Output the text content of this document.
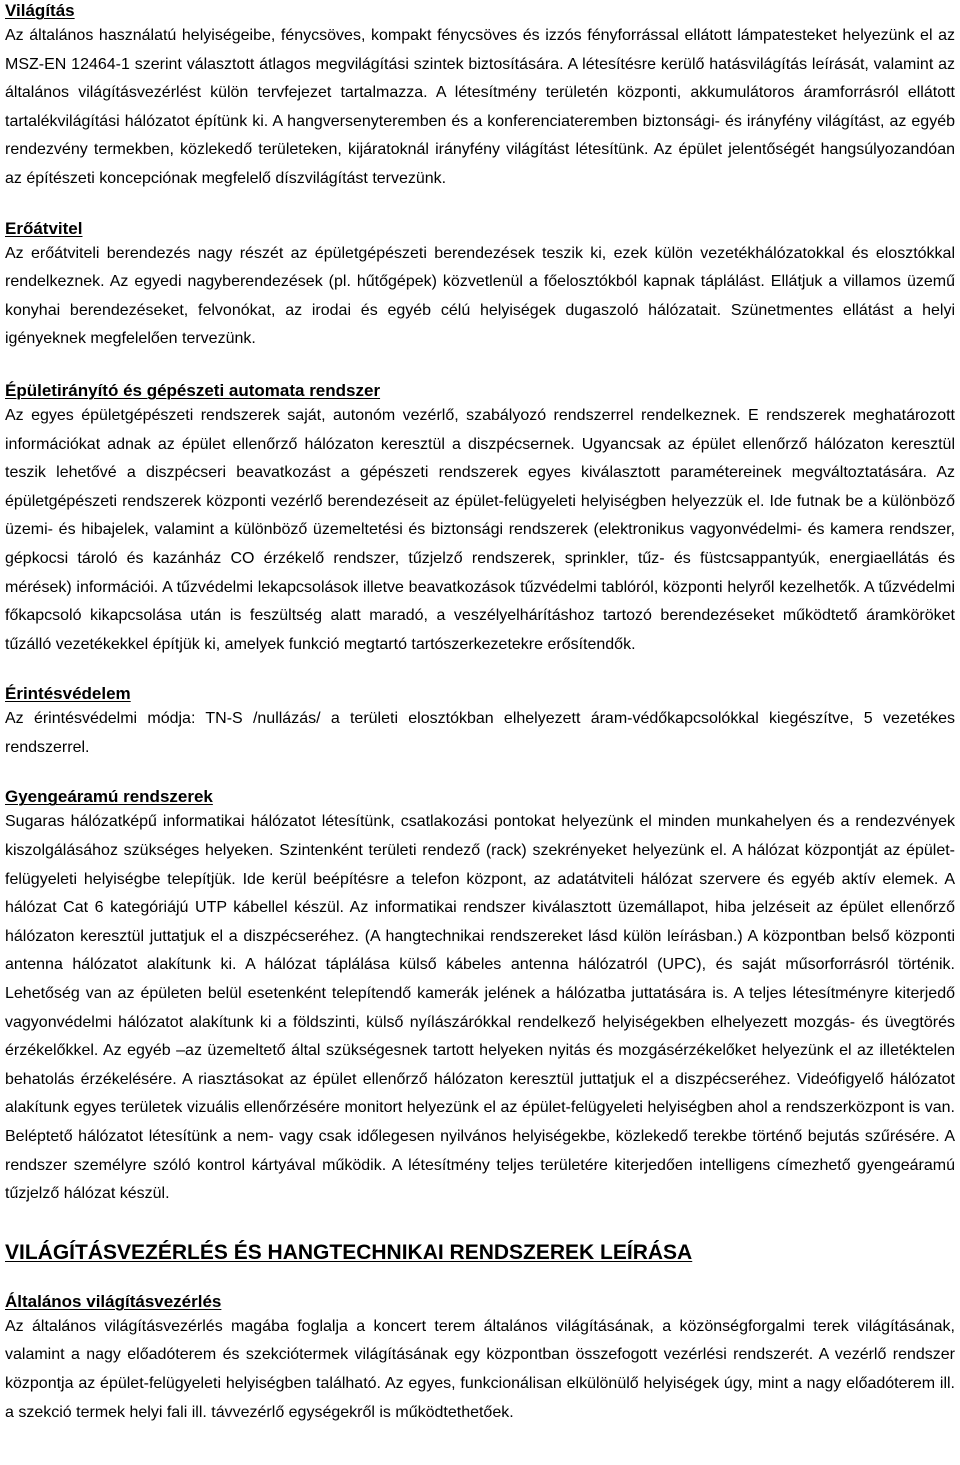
Világítás

Az általános használatú helyiségeibe, fénycsöves, kompakt fénycsöves és izzós fényforrással ellátott lámpatesteket helyezünk el az MSZ-EN 12464-1 szerint választott átlagos megvilágítási szintek biztosítására. A létesítésre kerülő hatásvilágítás leírását, valamint az általános világításvezérlést külön tervfejezet tartalmazza. A létesítmény területén központi, akkumulátoros áramforrásról ellátott tartalékvilágítási hálózatot építünk ki. A hangversenyteremben és a konferenciateremben biztonsági- és irányfény világítást, az egyéb rendezvény termekben, közlekedő területeken, kijáratoknál irányfény világítást létesítünk. Az épület jelentőségét hangsúlyozandóan az építészeti koncepciónak megfelelő díszvilágítást tervezünk.

Erőátvitel

Az erőátviteli berendezés nagy részét az épületgépészeti berendezések teszik ki, ezek külön vezetékhálózatokkal és elosztókkal rendelkeznek. Az egyedi nagyberendezések (pl. hűtőgépek) közvetlenül a főelosztókból kapnak táplálást. Ellátjuk a villamos üzemű konyhai berendezéseket, felvonókat, az irodai és egyéb célú helyiségek dugaszoló hálózatait. Szünetmentes ellátást a helyi igényeknek megfelelően tervezünk.

Épületirányító és gépészeti automata rendszer

Az egyes épületgépészeti rendszerek saját, autonóm vezérlő, szabályozó rendszerrel rendelkeznek. E rendszerek meghatározott információkat adnak az épület ellenőrző hálózaton keresztül a diszpécsernek. Ugyancsak az épület ellenőrző hálózaton keresztül teszik lehetővé a diszpécseri beavatkozást a gépészeti rendszerek egyes kiválasztott paramétereinek megváltoztatására. Az épületgépészeti rendszerek központi vezérlő berendezéseit az épület-felügyeleti helyiségben helyezzük el. Ide futnak be a különböző üzemi- és hibajelek, valamint a különböző üzemeltetési és biztonsági rendszerek (elektronikus vagyonvédelmi- és kamera rendszer, gépkocsi tároló és kazánház CO érzékelő rendszer, tűzjelző rendszerek, sprinkler, tűz- és füstcsappantyúk, energiaellátás és mérések) információi. A tűzvédelmi lekapcsolások illetve beavatkozások tűzvédelmi tablóról, központi helyről kezelhetők. A tűzvédelmi főkapcsoló kikapcsolása után is feszültség alatt maradó, a veszélyelhárításhoz tartozó berendezéseket működtető áramköröket tűzálló vezetékekkel építjük ki, amelyek funkció megtartó tartószerkezetekre erősítendők.

Érintésvédelem

Az érintésvédelmi módja: TN-S /nullázás/ a területi elosztókban elhelyezett áram-védőkapcsolókkal kiegészítve, 5 vezetékes rendszerrel.

Gyengeáramú rendszerek

Sugaras hálózatképű informatikai hálózatot létesítünk, csatlakozási pontokat helyezünk el minden munkahelyen és a rendezvények kiszolgálásához szükséges helyeken. Szintenként területi rendező (rack) szekrényeket helyezünk el. A hálózat központját az épület-felügyeleti helyiségbe telepítjük. Ide kerül beépítésre a telefon központ, az adatátviteli hálózat szervere és egyéb aktív elemek. A hálózat Cat 6 kategóriájú UTP kábellel készül. Az informatikai rendszer kiválasztott üzemállapot, hiba jelzéseit az épület ellenőrző hálózaton keresztül juttatjuk el a diszpécseréhez. (A hangtechnikai rendszereket lásd külön leírásban.) A központban belső központi antenna hálózatot alakítunk ki. A hálózat táplálása külső kábeles antenna hálózatról (UPC), és saját műsorforrásról történik. Lehetőség van az épületen belül esetenként telepítendő kamerák jelének a hálózatba juttatására is. A teljes létesítményre kiterjedő vagyonvédelmi hálózatot alakítunk ki a földszinti, külső nyílászárókkal rendelkező helyiségekben elhelyezett mozgás- és üvegtörés érzékelőkkel. Az egyéb –az üzemeltető által szükségesnek tartott helyeken nyitás és mozgásérzékelőket helyezünk el az illetéktelen behatolás érzékelésére. A riasztásokat az épület ellenőrző hálózaton keresztül juttatjuk el a diszpécseréhez. Videófigyelő hálózatot alakítunk egyes területek vizuális ellenőrzésére monitort helyezünk el az épület-felügyeleti helyiségben ahol a rendszerközpont is van. Beléptető hálózatot létesítünk a nem- vagy csak időlegesen nyilvános helyiségekbe, közlekedő terekbe történő bejutás szűrésére. A rendszer személyre szóló kontrol kártyával működik. A létesítmény teljes területére kiterjedően intelligens címezhető gyengeáramú tűzjelző hálózat készül.

VILÁGÍTÁSVEZÉRLÉS ÉS HANGTECHNIKAI RENDSZEREK LEÍRÁSA
Általános világításvezérlés

Az általános világításvezérlés magába foglalja a koncert terem általános világításának, a közönségforgalmi terek világításának, valamint a nagy előadóterem és szekciótermek világításának egy központban összefogott vezérlési rendszerét. A vezérlő rendszer központja az épület-felügyeleti helyiségben található. Az egyes, funkcionálisan elkülönülő helyiségek úgy, mint a nagy előadóterem ill. a szekció termek helyi fali ill. távvezérlő egységekről is működtethetőek.
